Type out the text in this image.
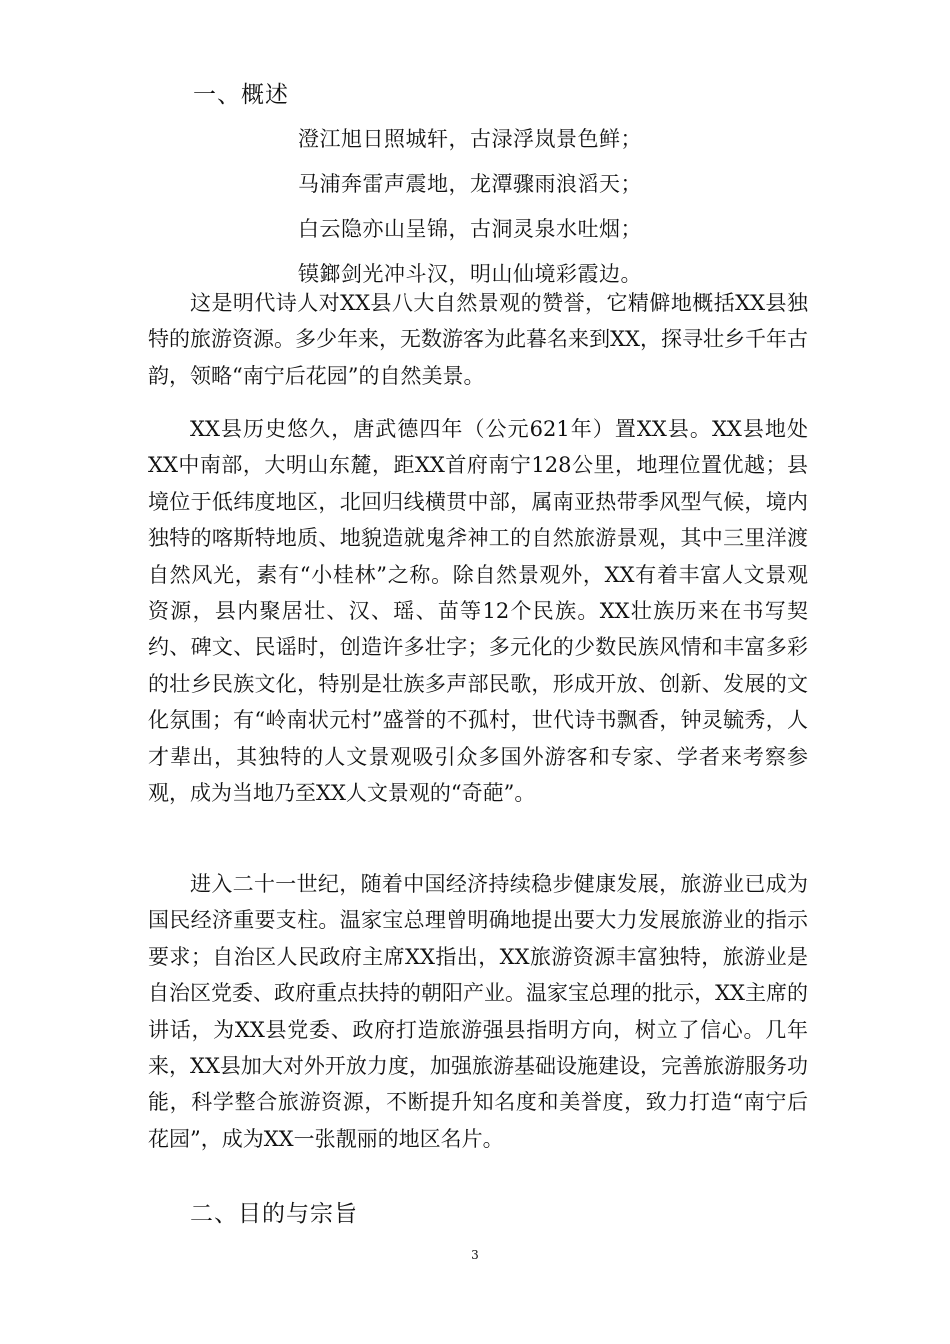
一、概述
澄江旭日照城轩，古渌浮岚景色鲜；
马浦奔雷声震地，龙潭骤雨浪滔天；
白云隐亦山呈锦，古洞灵泉水吐烟；
镆鎯剑光冲斗汉，明山仙境彩霞边。

这是明代诗人对XX县八大自然景观的赞誉，它精僻地概括XX县独特的旅游资源。多少年来，无数游客为此暮名来到XX，探寻壮乡千年古韵，领略“南宁后花园”的自然美景。

XX县历史悠久，唐武德四年（公元621年）置XX县。XX县地处XX中南部，大明山东麓，距XX首府南宁128公里，地理位置优越；县境位于低纬度地区，北回归线横贯中部，属南亚热带季风型气候，境内独特的喀斯特地质、地貌造就鬼斧神工的自然旅游景观，其中三里洋渡自然风光，素有“小桂林”之称。除自然景观外，XX有着丰富人文景观资源，县内聚居壮、汉、瑶、苗等12个民族。XX壮族历来在书写契约、碑文、民谣时，创造许多壮字；多元化的少数民族风情和丰富多彩的壮乡民族文化，特别是壮族多声部民歌，形成开放、创新、发展的文化氛围；有“岭南状元村”盛誉的不孤村，世代诗书飘香，钟灵毓秀，人才辈出，其独特的人文景观吸引众多国外游客和专家、学者来考察参观，成为当地乃至XX人文景观的“奇葩”。

进入二十一世纪，随着中国经济持续稳步健康发展，旅游业已成为国民经济重要支柱。温家宝总理曾明确地提出要大力发展旅游业的指示要求；自治区人民政府主席XX指出，XX旅游资源丰富独特，旅游业是自治区党委、政府重点扶持的朝阳产业。温家宝总理的批示，XX主席的讲话，为XX县党委、政府打造旅游强县指明方向，树立了信心。几年来，XX县加大对外开放力度，加强旅游基础设施建设，完善旅游服务功能，科学整合旅游资源，不断提升知名度和美誉度，致力打造“南宁后花园”，成为XX一张靓丽的地区名片。

二、目的与宗旨
3
